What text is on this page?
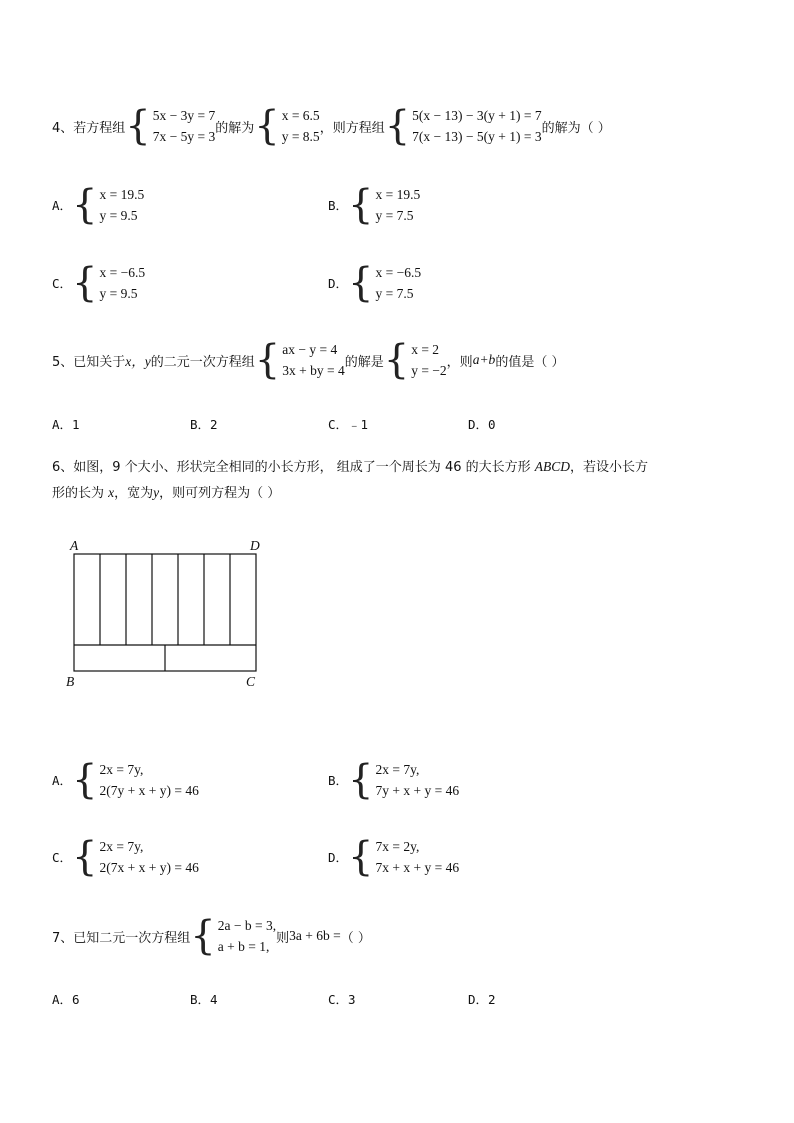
4、若方程组 { 5x − 3y = 7
7x − 5y = 3
的解为 { x = 6.5
y = 8.5
，则方程组 { 5(x − 13) − 3(y + 1) = 7
7(x − 13) − 5(y + 1) = 3
的解为（ ）
A． { x = 19.5
y = 9.5
B． { x = 19.5
y = 7.5
C． { x = −6.5
y = 9.5
D． { x = −6.5
y = 7.5
5、已知关于 x，y 的二元一次方程组 { ax − y = 4
3x + by = 4
的解是 { x = 2
y = −2
，则 a+b 的值是（ ）
A．1	B．2	C．﹣1	D．0
6、如图，9 个大小、形状完全相同的小长方形， 组成了一个周长为 46 的大长方形 ABCD，若设小长方
形的长为 x，宽为y，则可列方程为（ ）
A	D
B	C
A． { 2x = 7y,
2(7y + x + y) = 46
B． { 2x = 7y,
7y + x + y = 46
C． { 2x = 7y,
2(7x + x + y) = 46
D． { 7x = 2y,
7x + x + y = 46
7、已知二元一次方程组 { 2a − b = 3,
a + b = 1,
则 3a + 6b = （ ）
A．6	B．4	C．3	D．2
